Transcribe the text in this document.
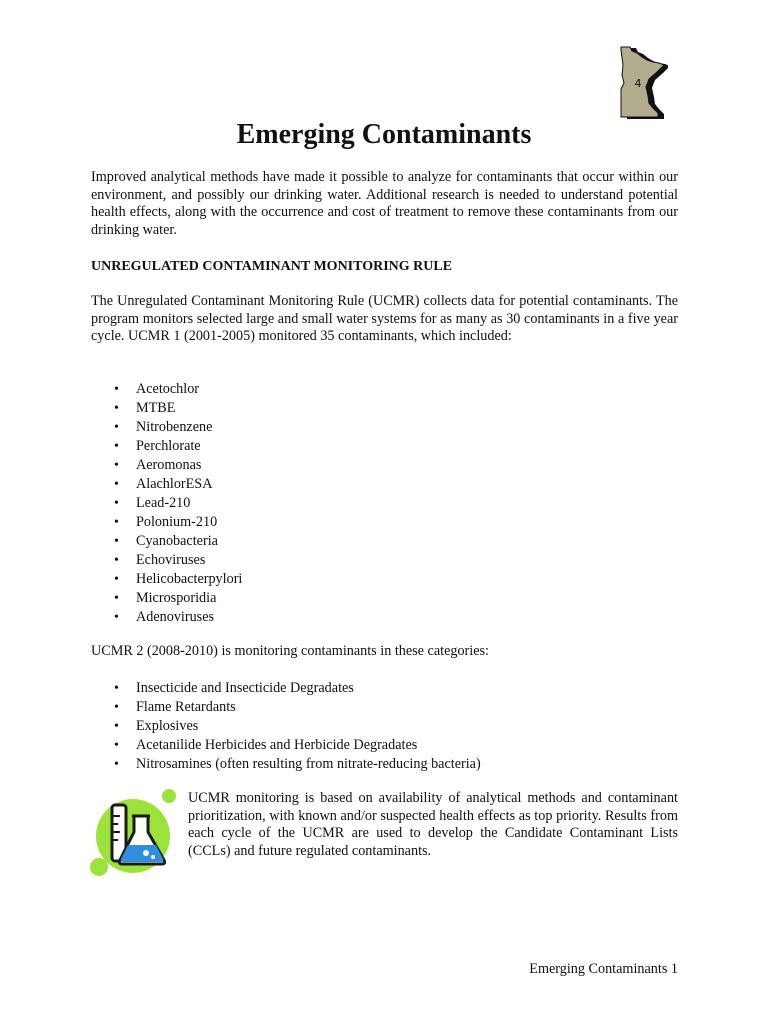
4
Emerging Contaminants

Improved analytical methods have made it possible to analyze for contaminants that occur within our environment, and possibly our drinking water. Additional research is needed to understand potential health effects, along with the occurrence and cost of treatment to remove these contaminants from our drinking water.

UNREGULATED CONTAMINANT MONITORING RULE

The Unregulated Contaminant Monitoring Rule (UCMR) collects data for potential contaminants. The program monitors selected large and small water systems for as many as 30 contaminants in a five year cycle. UCMR 1 (2001-2005) monitored 35 contaminants, which included:

• Acetochlor
• MTBE
• Nitrobenzene
• Perchlorate
• Aeromonas
• AlachlorESA
• Lead-210
• Polonium-210
• Cyanobacteria
• Echoviruses
• Helicobacterpylori
• Microsporidia
• Adenoviruses

UCMR 2 (2008-2010) is monitoring contaminants in these categories:

• Insecticide and Insecticide Degradates
• Flame Retardants
• Explosives
• Acetanilide Herbicides and Herbicide Degradates
• Nitrosamines (often resulting from nitrate-reducing bacteria)

UCMR monitoring is based on availability of analytical methods and contaminant prioritization, with known and/or suspected health effects as top priority. Results from each cycle of the UCMR are used to develop the Candidate Contaminant Lists (CCLs) and future regulated contaminants.

Emerging Contaminants 1
